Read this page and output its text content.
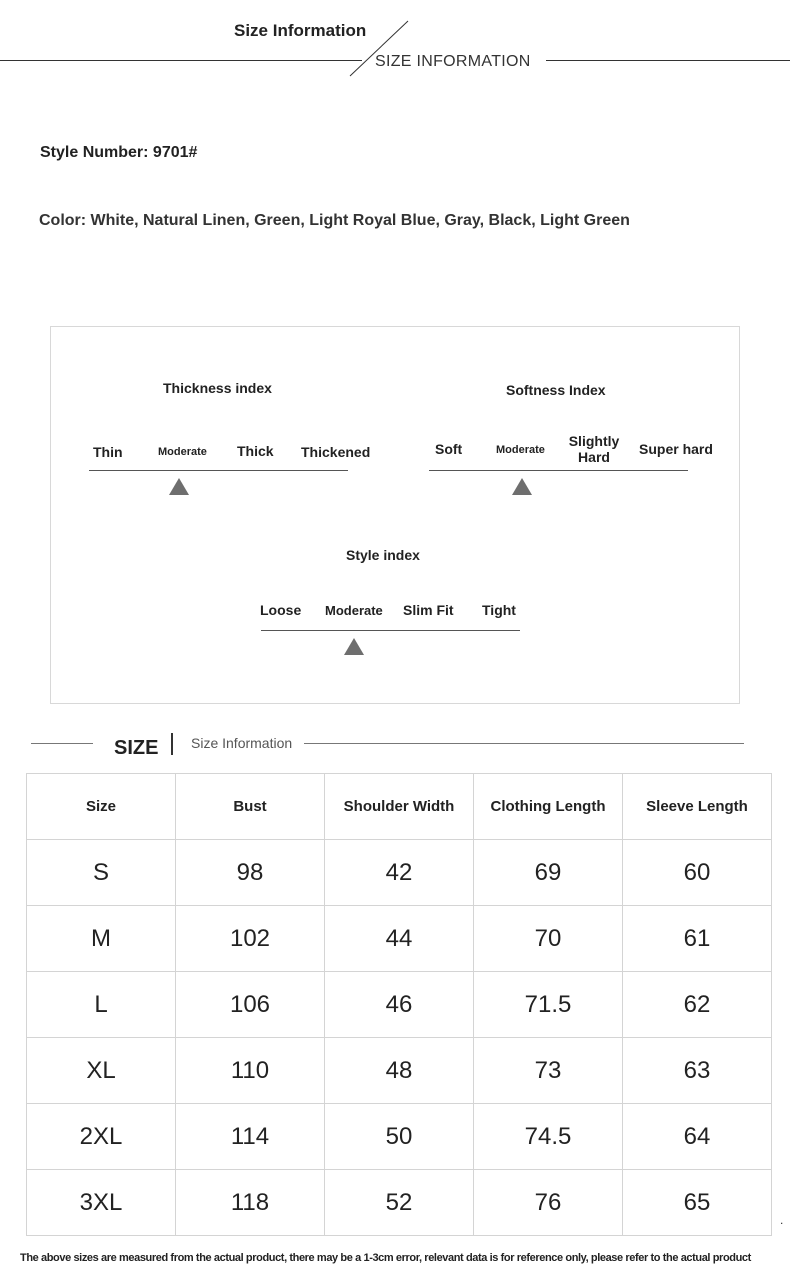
Size Information
SIZE INFORMATION
Style Number: 9701#
Color: White, Natural Linen, Green, Light Royal Blue, Gray, Black, Light Green
Thickness index
Thin	Moderate Thick Thickened
Softness Index
Soft	Moderate
Slightly
Hard	Super hard
Style index
Loose Moderate Slim Fit Tight
SIZE Size Information
Size	Bust	Shoulder Width	Clothing Length	Sleeve Length
S	98	42	69	60
M	102	44	70	61
L	106	46	71.5	62
XL	110	48	73	63
2XL	114	50	74.5	64
3XL	118	52	76	65
.
The above sizes are measured from the actual product, there may be a 1-3cm error, relevant data is for reference only, please refer to the actual product
